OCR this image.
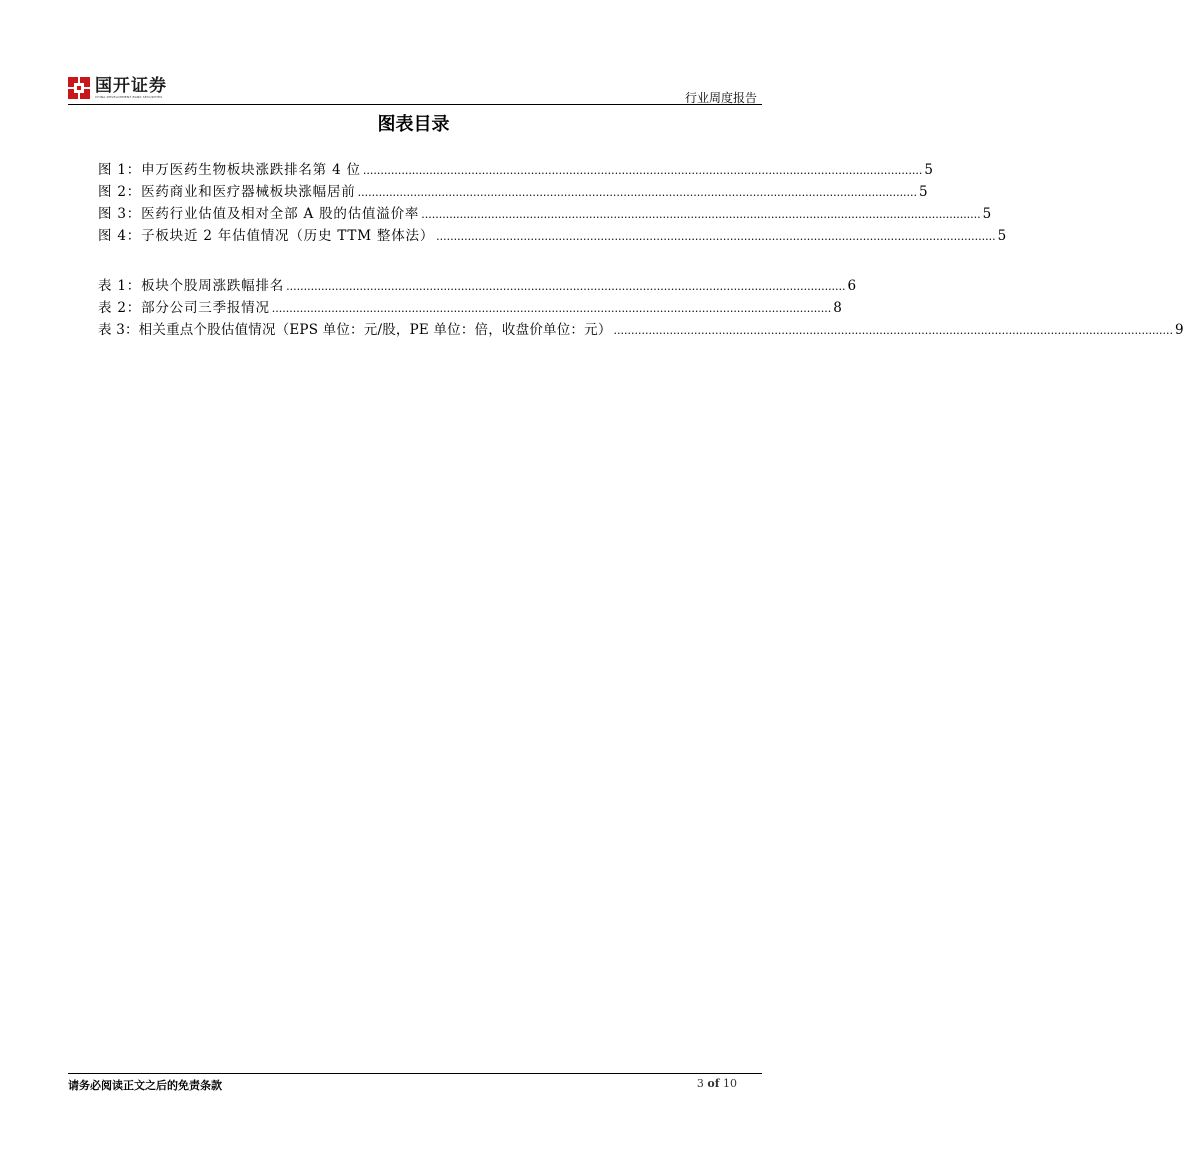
国开证券
CHINA DEVELOPMENT BANK SECURITIES	行业周度报告
图表目录
图 1：申万医药生物板块涨跌排名第 4 位 ................................................................................................................................................................ 5
图 2：医药商业和医疗器械板块涨幅居前 ................................................................................................................................................................ 5
图 3：医药行业估值及相对全部 A 股的估值溢价率 ................................................................................................................................................................ 5
图 4：子板块近 2 年估值情况（历史 TTM 整体法） ................................................................................................................................................................ 5
表 1：板块个股周涨跌幅排名 ................................................................................................................................................................ 6
表 2：部分公司三季报情况 ................................................................................................................................................................ 8
表 3：相关重点个股估值情况（EPS 单位：元/股，PE 单位：倍，收盘价单位：元） ................................................................................................................................................................ 9
请务必阅读正文之后的免责条款	3 of 10
